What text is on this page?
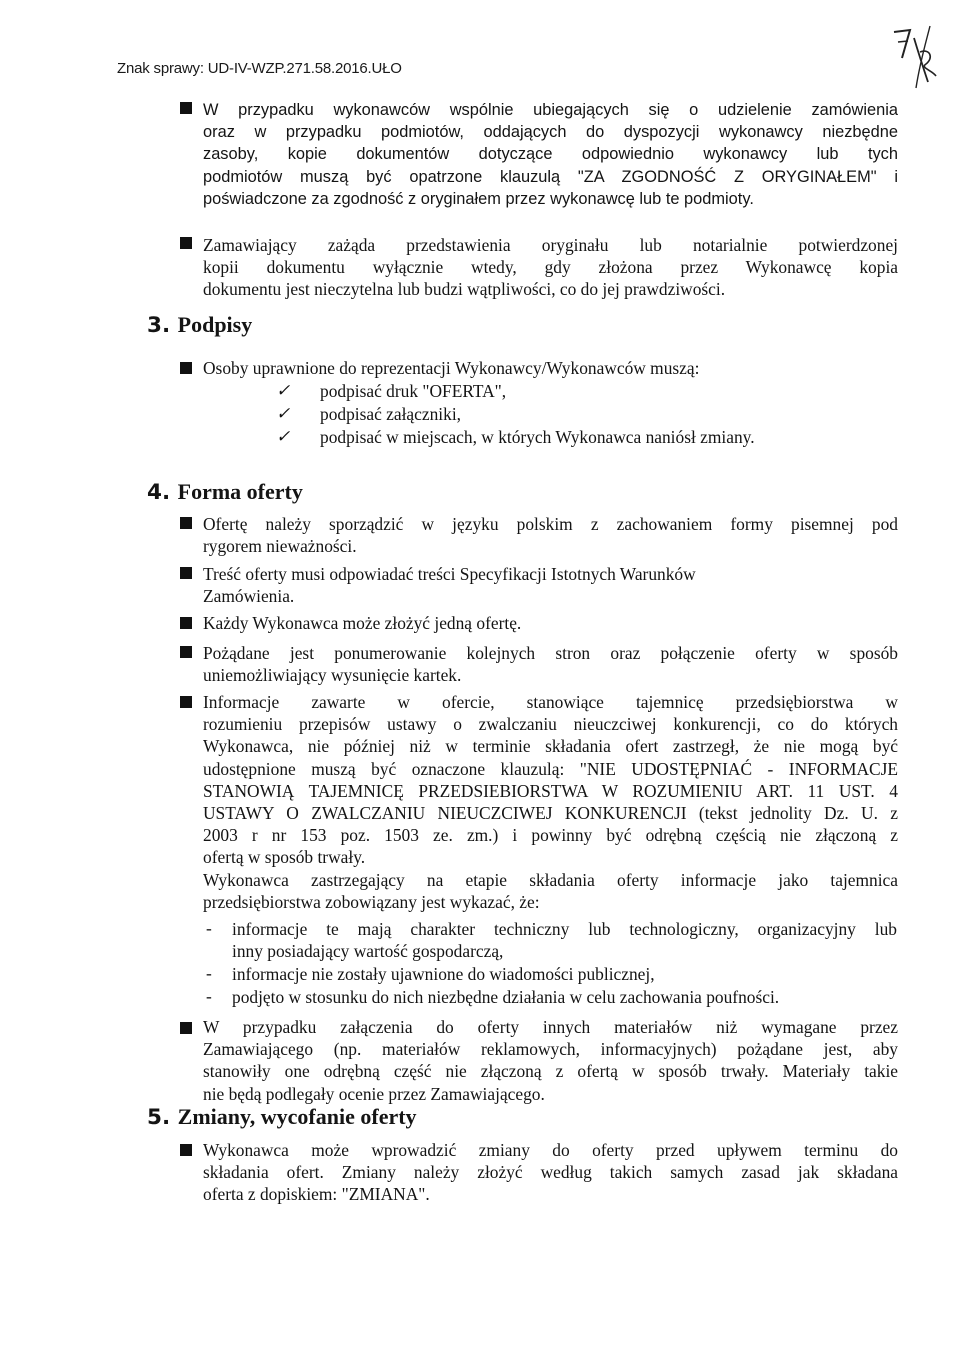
Znak sprawy: UD-IV-WZP.271.58.2016.UŁO

W przypadku wykonawców wspólnie ubiegających się o udzielenie zamówienia

oraz w przypadku podmiotów, oddających do dyspozycji wykonawcy niezbędne

zasoby, kopie dokumentów dotyczące odpowiednio wykonawcy lub tych

podmiotów muszą być opatrzone klauzulą "ZA ZGODNOŚĆ Z ORYGINAŁEM" i

poświadczone za zgodność z oryginałem przez wykonawcę lub te podmioty.

Zamawiający zażąda przedstawienia oryginału lub notarialnie potwierdzonej

kopii dokumentu wyłącznie wtedy, gdy złożona przez Wykonawcę kopia

dokumentu jest nieczytelna lub budzi wątpliwości, co do jej prawdziwości.

3. Podpisy
Osoby uprawnione do reprezentacji Wykonawcy/Wykonawców muszą:
✓ podpisać druk "OFERTA",
✓ podpisać załączniki,
✓ podpisać w miejscach, w których Wykonawca naniósł zmiany.
4. Forma oferty

Ofertę należy sporządzić w języku polskim z zachowaniem formy pisemnej pod

rygorem nieważności.

Treść oferty musi odpowiadać treści Specyfikacji Istotnych Warunków

Zamówienia.

Każdy Wykonawca może złożyć jedną ofertę.

Pożądane jest ponumerowanie kolejnych stron oraz połączenie oferty w sposób

uniemożliwiający wysunięcie kartek.

Informacje zawarte w ofercie, stanowiące tajemnicę przedsiębiorstwa w

rozumieniu przepisów ustawy o zwalczaniu nieuczciwej konkurencji, co do których

Wykonawca, nie później niż w terminie składania ofert zastrzegł, że nie mogą być

udostępnione muszą być oznaczone klauzulą: "NIE UDOSTĘPNIAĆ - INFORMACJE

STANOWIĄ TAJEMNICĘ PRZEDSIEBIORSTWA W ROZUMIENIU ART. 11 UST. 4

USTAWY O ZWALCZANIU NIEUCZCIWEJ KONKURENCJI (tekst jednolity Dz. U. z

2003 r nr 153 poz. 1503 ze. zm.) i powinny być odrębną częścią nie złączoną z

ofertą w sposób trwały.

Wykonawca zastrzegający na etapie składania oferty informacje jako tajemnica

przedsiębiorstwa zobowiązany jest wykazać, że:

- informacje te mają charakter techniczny lub technologiczny, organizacyjny lub

inny posiadający wartość gospodarczą,

- informacje nie zostały ujawnione do wiadomości publicznej,

- podjęto w stosunku do nich niezbędne działania w celu zachowania poufności.

W przypadku załączenia do oferty innych materiałów niż wymagane przez

Zamawiającego (np. materiałów reklamowych, informacyjnych) pożądane jest, aby

stanowiły one odrębną część nie złączoną z ofertą w sposób trwały. Materiały takie

nie będą podlegały ocenie przez Zamawiającego.

5. Zmiany, wycofanie oferty

Wykonawca może wprowadzić zmiany do oferty przed upływem terminu do

składania ofert. Zmiany należy złożyć według takich samych zasad jak składana

oferta z dopiskiem: "ZMIANA".
